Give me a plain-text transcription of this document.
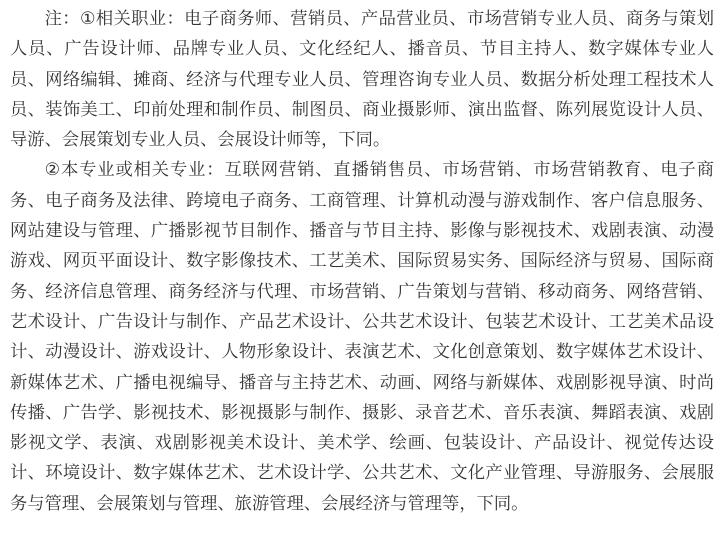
注：①相关职业：电子商务师、营销员、产品营业员、市场营销专业人员、商务与策划人员、广告设计师、品牌专业人员、文化经纪人、播音员、节目主持人、数字媒体专业人员、网络编辑、摊商、经济与代理专业人员、管理咨询专业人员、数据分析处理工程技术人员、装饰美工、印前处理和制作员、制图员、商业摄影师、演出监督、陈列展览设计人员、导游、会展策划专业人员、会展设计师等，下同。

②本专业或相关专业：互联网营销、直播销售员、市场营销、市场营销教育、电子商务、电子商务及法律、跨境电子商务、工商管理、计算机动漫与游戏制作、客户信息服务、网站建设与管理、广播影视节目制作、播音与节目主持、影像与影视技术、戏剧表演、动漫游戏、网页平面设计、数字影像技术、工艺美术、国际贸易实务、国际经济与贸易、国际商务、经济信息管理、商务经济与代理、市场营销、广告策划与营销、移动商务、网络营销、艺术设计、广告设计与制作、产品艺术设计、公共艺术设计、包装艺术设计、工艺美术品设计、动漫设计、游戏设计、人物形象设计、表演艺术、文化创意策划、数字媒体艺术设计、新媒体艺术、广播电视编导、播音与主持艺术、动画、网络与新媒体、戏剧影视导演、时尚传播、广告学、影视技术、影视摄影与制作、摄影、录音艺术、音乐表演、舞蹈表演、戏剧影视文学、表演、戏剧影视美术设计、美术学、绘画、包装设计、产品设计、视觉传达设计、环境设计、数字媒体艺术、艺术设计学、公共艺术、文化产业管理、导游服务、会展服务与管理、会展策划与管理、旅游管理、会展经济与管理等，下同。
